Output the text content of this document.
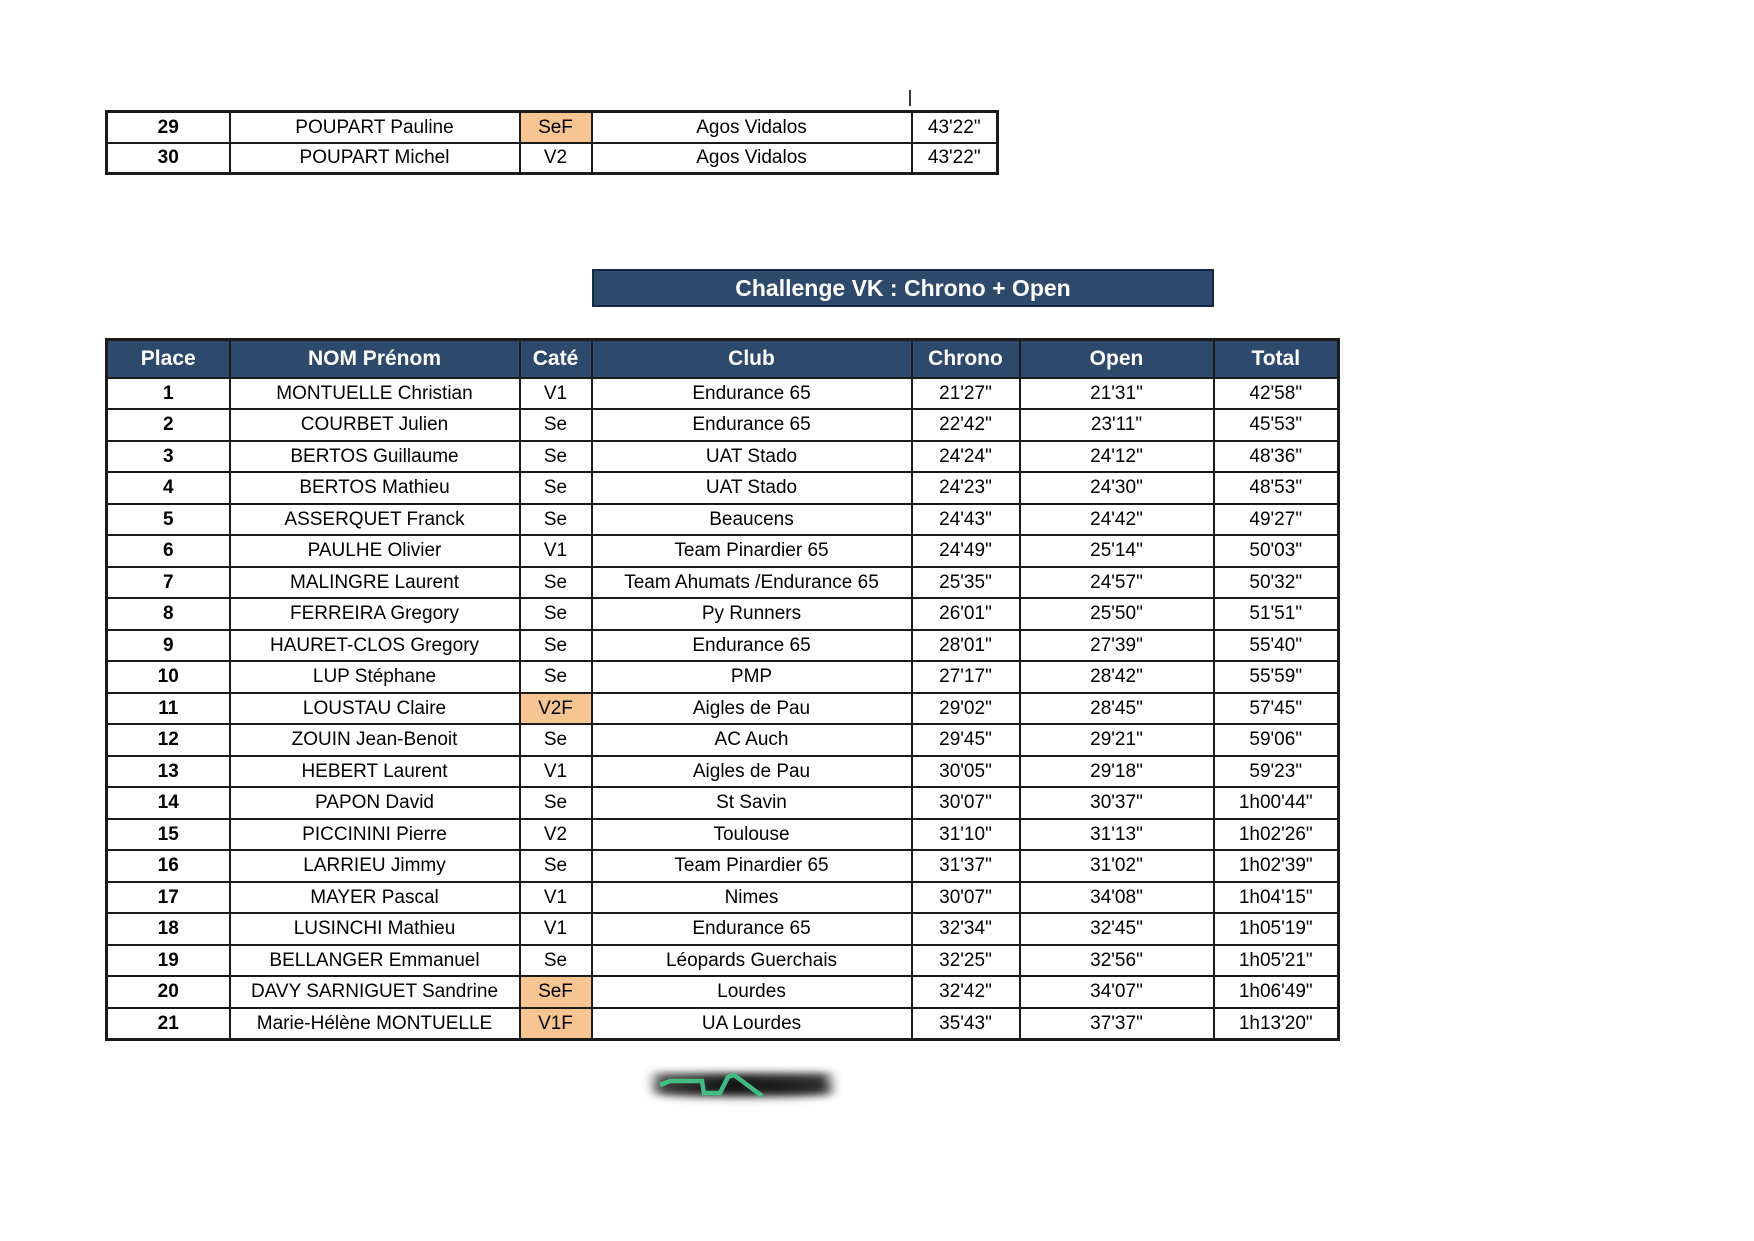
29	POUPART Pauline	SeF	Agos Vidalos	43'22"
30	POUPART Michel	V2	Agos Vidalos	43'22"
Challenge VK : Chrono + Open
Place	NOM Prénom	Caté	Club	Chrono	Open	Total
1	MONTUELLE Christian	V1	Endurance 65	21'27"	21'31"	42'58"
2	COURBET Julien	Se	Endurance 65	22'42"	23'11"	45'53"
3	BERTOS Guillaume	Se	UAT Stado	24'24"	24'12"	48'36"
4	BERTOS Mathieu	Se	UAT Stado	24'23"	24'30"	48'53"
5	ASSERQUET Franck	Se	Beaucens	24'43"	24'42"	49'27"
6	PAULHE Olivier	V1	Team Pinardier 65	24'49"	25'14"	50'03"
7	MALINGRE Laurent	Se	Team Ahumats /Endurance 65	25'35"	24'57"	50'32"
8	FERREIRA Gregory	Se	Py Runners	26'01"	25'50"	51'51"
9	HAURET-CLOS Gregory	Se	Endurance 65	28'01"	27'39"	55'40"
10	LUP Stéphane	Se	PMP	27'17"	28'42"	55'59"
11	LOUSTAU Claire	V2F	Aigles de Pau	29'02"	28'45"	57'45"
12	ZOUIN Jean-Benoit	Se	AC Auch	29'45"	29'21"	59'06"
13	HEBERT Laurent	V1	Aigles de Pau	30'05"	29'18"	59'23"
14	PAPON David	Se	St Savin	30'07"	30'37"	1h00'44"
15	PICCININI Pierre	V2	Toulouse	31'10"	31'13"	1h02'26"
16	LARRIEU Jimmy	Se	Team Pinardier 65	31'37"	31'02"	1h02'39"
17	MAYER Pascal	V1	Nimes	30'07"	34'08"	1h04'15"
18	LUSINCHI Mathieu	V1	Endurance 65	32'34"	32'45"	1h05'19"
19	BELLANGER Emmanuel	Se	Léopards Guerchais	32'25"	32'56"	1h05'21"
20	DAVY SARNIGUET Sandrine	SeF	Lourdes	32'42"	34'07"	1h06'49"
21	Marie-Hélène MONTUELLE	V1F	UA Lourdes	35'43"	37'37"	1h13'20"
